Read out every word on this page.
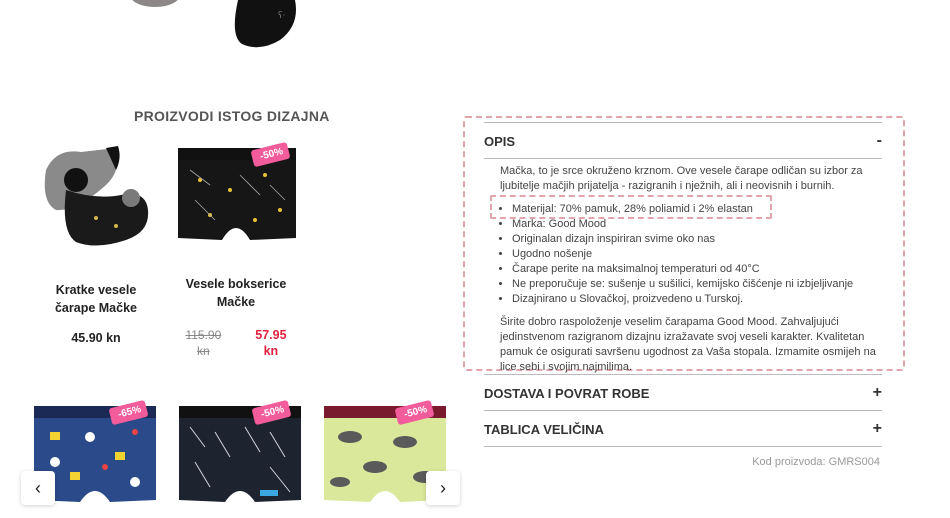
ʕ·
PROIZVODI ISTOG DIZAJNA
Kratke vesele
čarape Mačke
45.90 kn
-50%
Vesele bokserice
Mačke
115.90
kn
57.95
kn
-65%	-50%	-50%
‹	›
OPIS	-

Mačka, to je srce okruženo krznom. Ove vesele čarape odličan su izbor za ljubitelje mačjih prijatelja - razigranih i nježnih, ali i neovisnih i burnih.

• Materijal: 70% pamuk, 28% poliamid i 2% elastan
• Marka: Good Mood
• Originalan dizajn inspiriran svime oko nas
• Ugodno nošenje
• Čarape perite na maksimalnoj temperaturi od 40°C
• Ne preporučuje se: sušenje u sušilici, kemijsko čišćenje ni izbjeljivanje
• Dizajnirano u Slovačkoj, proizvedeno u Turskoj.

Širite dobro raspoloženje veselim čarapama Good Mood. Zahvaljujući jedinstvenom razigranom dizajnu izražavate svoj veseli karakter. Kvalitetan pamuk će osigurati savršenu ugodnost za Vaša stopala. Izmamite osmijeh na lice sebi i svojim najmilima.

DOSTAVA I POVRAT ROBE	+
TABLICA VELIČINA	+
Kod proizvoda: GMRS004
